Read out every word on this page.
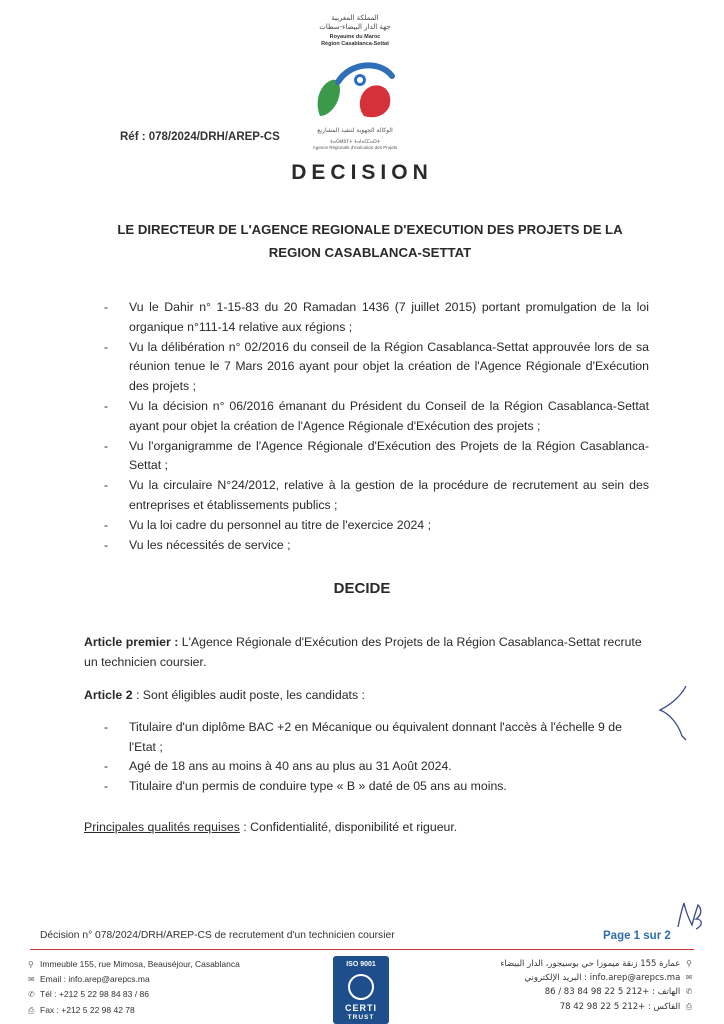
المملكة المغربية
جهة الدار البيضاء-سطات
Royaume du Maroc
Région Casablanca-Settat
الوكالة الجهوية لتنفيذ المشاريع
ⵜⴰⵙⵍⵓⵢⵜ ⵜⴰⵏⴰⵎⵎⴰⵙⵜ
Agence Régionale d'exécution des Projets
Réf : 078/2024/DRH/AREP-CS
DECISION
LE DIRECTEUR DE L'AGENCE REGIONALE D'EXECUTION DES PROJETS DE LA
REGION CASABLANCA-SETTAT
- Vu le Dahir n° 1-15-83 du 20 Ramadan 1436 (7 juillet 2015) portant promulgation de la loi organique n°111-14 relative aux régions ;
- Vu la délibération n° 02/2016 du conseil de la Région Casablanca-Settat approuvée lors de sa réunion tenue le 7 Mars 2016 ayant pour objet la création de l'Agence Régionale d'Exécution des projets ;
- Vu la décision n° 06/2016 émanant du Président du Conseil de la Région Casablanca-Settat ayant pour objet la création de l'Agence Régionale d'Exécution des projets ;
- Vu l'organigramme de l'Agence Régionale d'Exécution des Projets de la Région Casablanca-Settat ;
- Vu la circulaire N°24/2012, relative à la gestion de la procédure de recrutement au sein des entreprises et établissements publics ;
- Vu la loi cadre du personnel au titre de l'exercice 2024 ;
- Vu les nécessités de service ;
DECIDE
Article premier : L'Agence Régionale d'Exécution des Projets de la Région Casablanca-Settat recrute un technicien coursier.
Article 2 : Sont éligibles audit poste, les candidats :
- Titulaire d'un diplôme BAC +2 en Mécanique ou équivalent donnant l'accès à l'échelle 9 de l'Etat ;
- Agé de 18 ans au moins à 40 ans au plus au 31 Août 2024.
- Titulaire d'un permis de conduire type « B » daté de 05 ans au moins.
Principales qualités requises : Confidentialité, disponibilité et rigueur.
Décision n° 078/2024/DRH/AREP-CS de recrutement d'un technicien coursier	Page 1 sur 2
⚲ Immeuble 155, rue Mimosa, Beauséjour, Casablanca
✉ Email : info.arep@arepcs.ma
✆ Tél : +212 5 22 98 84 83 / 86
⎙ Fax : +212 5 22 98 42 78
ISO 9001
CERTI
TRUST
عمارة 155 زنقة ميموزا حي بوسيجور، الدار البيضاء ⚲
البريد الإلكتروني : info.arep@arepcs.ma ✉
الهاتف : +212 5 22 98 84 83 / 86 ✆
الفاكس : +212 5 22 98 42 78 ⎙
